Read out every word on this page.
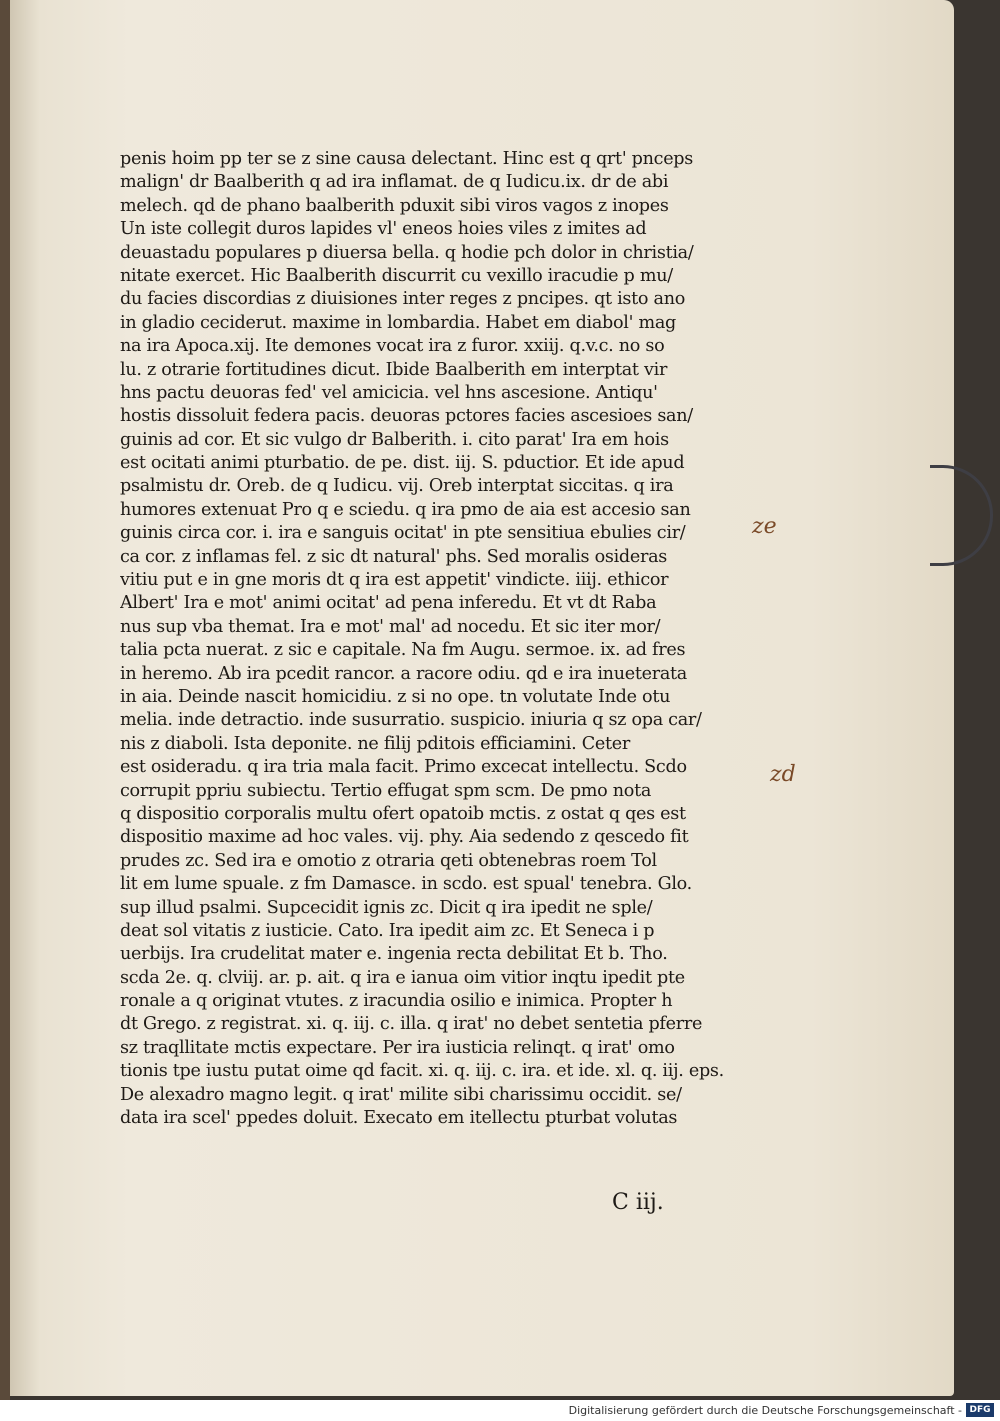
penis hoim pp ter se z sine causa delectant. Hinc est q qrt' pnceps
malign' dr Baalberith q ad ira inflamat. de q Iudicu.ix. dr de abi
melech. qd de phano baalberith pduxit sibi viros vagos z inopes
Un iste collegit duros lapides vl' eneos hoies viles z imites ad
deuastadu populares p diuersa bella. q hodie pch dolor in christia/
nitate exercet. Hic Baalberith discurrit cu vexillo iracudie p mu/
du facies discordias z diuisiones inter reges z pncipes. qt isto ano
in gladio ceciderut. maxime in lombardia. Habet em diabol' mag
na ira Apoca.xij. Ite demones vocat ira z furor. xxiij. q.v.c. no so
lu. z otrarie fortitudines dicut. Ibide Baalberith em interptat vir
hns pactu deuoras fed' vel amicicia. vel hns ascesione. Antiqu'
hostis dissoluit federa pacis. deuoras pctores facies ascesioes san/
guinis ad cor. Et sic vulgo dr Balberith. i. cito parat' Ira em hois
est ocitati animi pturbatio. de pe. dist. iij. S. pductior. Et ide apud
psalmistu dr. Oreb. de q Iudicu. vij. Oreb interptat siccitas. q ira
humores extenuat Pro q e sciedu. q ira pmo de aia est accesio san
guinis circa cor. i. ira e sanguis ocitat' in pte sensitiua ebulies cir/
ca cor. z inflamas fel. z sic dt natural' phs. Sed moralis osideras
vitiu put e in gne moris dt q ira est appetit' vindicte. iiij. ethicor
Albert' Ira e mot' animi ocitat' ad pena inferedu. Et vt dt Raba
nus sup vba themat. Ira e mot' mal' ad nocedu. Et sic iter mor/
talia pcta nuerat. z sic e capitale. Na fm Augu. sermoe. ix. ad fres
in heremo. Ab ira pcedit rancor. a racore odiu. qd e ira inueterata
in aia. Deinde nascit homicidiu. z si no ope. tn volutate Inde otu
melia. inde detractio. inde susurratio. suspicio. iniuria q sz opa car/
nis z diaboli. Ista deponite. ne filij pditois efficiamini. Ceter
est osideradu. q ira tria mala facit. Primo excecat intellectu. Scdo
corrupit ppriu subiectu. Tertio effugat spm scm. De pmo nota
q dispositio corporalis multu ofert opatoib mctis. z ostat q qes est
dispositio maxime ad hoc vales. vij. phy. Aia sedendo z qescedo fit
prudes zc. Sed ira e omotio z otraria qeti obtenebras roem Tol
lit em lume spuale. z fm Damasce. in scdo. est spual' tenebra. Glo.
sup illud psalmi. Supcecidit ignis zc. Dicit q ira ipedit ne sple/
deat sol vitatis z iusticie. Cato. Ira ipedit aim zc. Et Seneca i p
uerbijs. Ira crudelitat mater e. ingenia recta debilitat Et b. Tho.
scda 2e. q. clviij. ar. p. ait. q ira e ianua oim vitior inqtu ipedit pte
ronale a q originat vtutes. z iracundia osilio e inimica. Propter h
dt Grego. z registrat. xi. q. iij. c. illa. q irat' no debet sentetia pferre
sz traqllitate mctis expectare. Per ira iusticia relinqt. q irat' omo
tionis tpe iustu putat oime qd facit. xi. q. iij. c. ira. et ide. xl. q. iij. eps.
De alexadro magno legit. q irat' milite sibi charissimu occidit. se/
data ira scel' ppedes doluit. Execato em itellectu pturbat volutas
C iij.
ze
zd
Digitalisierung gefördert durch die Deutsche Forschungsgemeinschaft - DFG
